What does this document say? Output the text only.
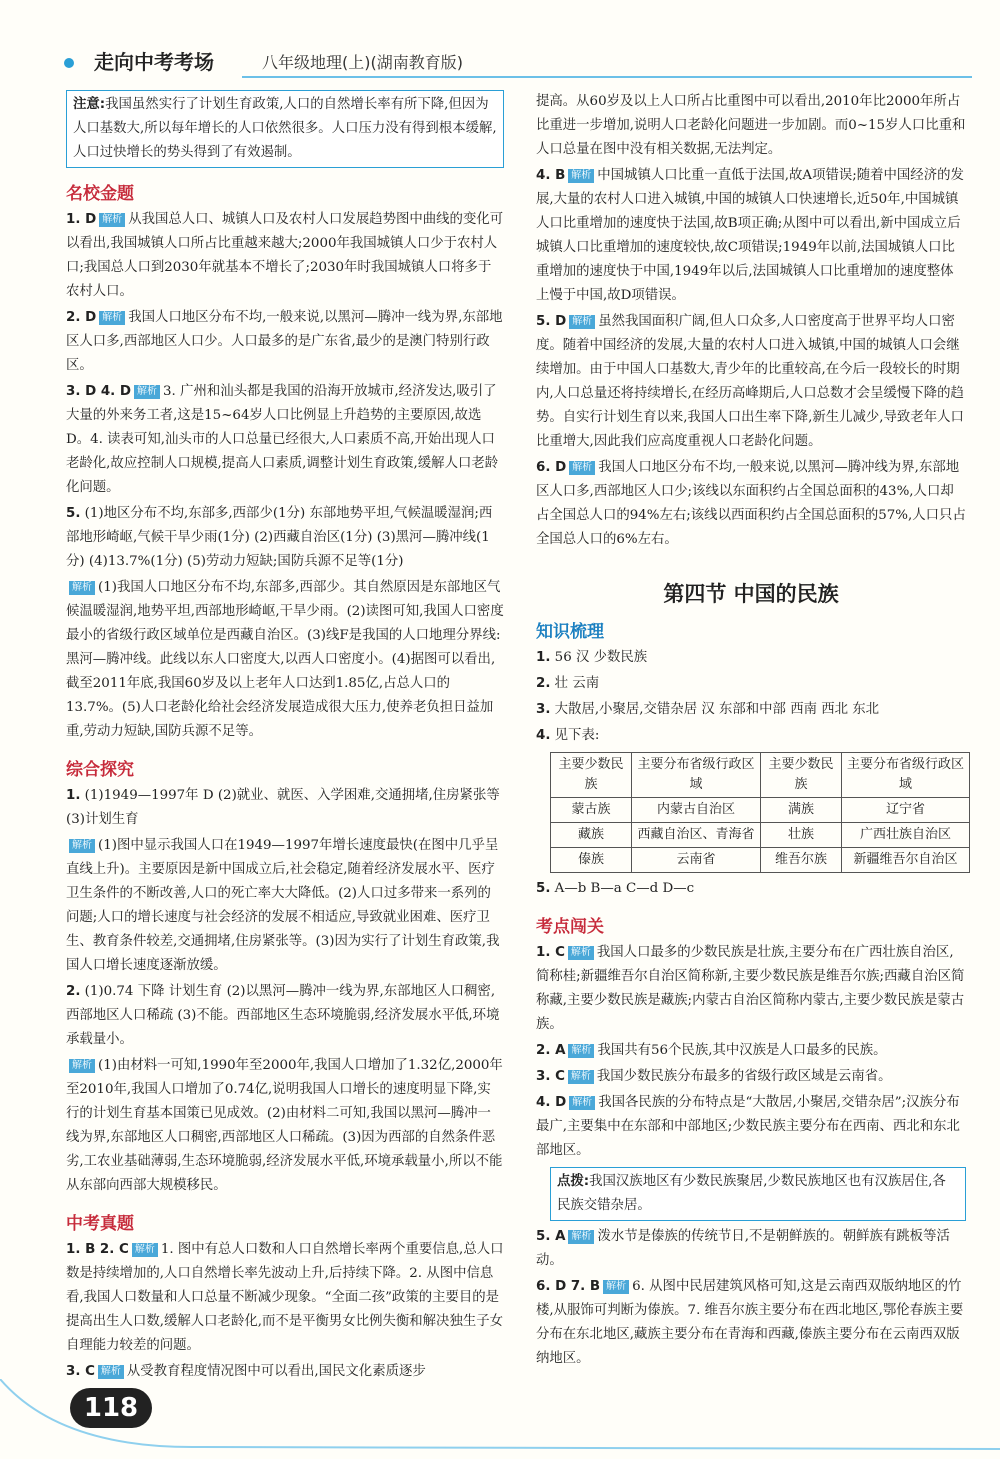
走向中考考场	八年级地理(上)(湖南教育版)
注意:我国虽然实行了计划生育政策,人口的自然增长率有所下降,但因为人口基数大,所以每年增长的人口依然很多。人口压力没有得到根本缓解,人口过快增长的势头得到了有效遏制。
名校金题
1. D 解析 从我国总人口、城镇人口及农村人口发展趋势图中曲线的变化可以看出,我国城镇人口所占比重越来越大;2000年我国城镇人口少于农村人口;我国总人口到2030年就基本不增长了;2030年时我国城镇人口将多于农村人口。
2. D 解析 我国人口地区分布不均,一般来说,以黑河—腾冲一线为界,东部地区人口多,西部地区人口少。人口最多的是广东省,最少的是澳门特别行政区。
3. D 4. D 解析 3. 广州和汕头都是我国的沿海开放城市,经济发达,吸引了大量的外来务工者,这是15~64岁人口比例显上升趋势的主要原因,故选D。4. 读表可知,汕头市的人口总量已经很大,人口素质不高,开始出现人口老龄化,故应控制人口规模,提高人口素质,调整计划生育政策,缓解人口老龄化问题。
5. (1)地区分布不均,东部多,西部少(1分) 东部地势平坦,气候温暖湿润;西部地形崎岖,气候干旱少雨(1分) (2)西藏自治区(1分) (3)黑河—腾冲线(1分) (4)13.7%(1分) (5)劳动力短缺;国防兵源不足等(1分)
解析 (1)我国人口地区分布不均,东部多,西部少。其自然原因是东部地区气候温暖湿润,地势平坦,西部地形崎岖,干旱少雨。(2)读图可知,我国人口密度最小的省级行政区域单位是西藏自治区。(3)线F是我国的人口地理分界线:黑河—腾冲线。此线以东人口密度大,以西人口密度小。(4)据图可以看出,截至2011年底,我国60岁及以上老年人口达到1.85亿,占总人口的13.7%。(5)人口老龄化给社会经济发展造成很大压力,使养老负担日益加重,劳动力短缺,国防兵源不足等。
综合探究
1. (1)1949—1997年 D (2)就业、就医、入学困难,交通拥堵,住房紧张等 (3)计划生育
解析 (1)图中显示我国人口在1949—1997年增长速度最快(在图中几乎呈直线上升)。主要原因是新中国成立后,社会稳定,随着经济发展水平、医疗卫生条件的不断改善,人口的死亡率大大降低。(2)人口过多带来一系列的问题;人口的增长速度与社会经济的发展不相适应,导致就业困难、医疗卫生、教育条件较差,交通拥堵,住房紧张等。(3)因为实行了计划生育政策,我国人口增长速度逐渐放缓。
2. (1)0.74 下降 计划生育 (2)以黑河—腾冲一线为界,东部地区人口稠密,西部地区人口稀疏 (3)不能。西部地区生态环境脆弱,经济发展水平低,环境承载量小。
解析 (1)由材料一可知,1990年至2000年,我国人口增加了1.32亿,2000年至2010年,我国人口增加了0.74亿,说明我国人口增长的速度明显下降,实行的计划生育基本国策已见成效。(2)由材料二可知,我国以黑河—腾冲一线为界,东部地区人口稠密,西部地区人口稀疏。(3)因为西部的自然条件恶劣,工农业基础薄弱,生态环境脆弱,经济发展水平低,环境承载量小,所以不能从东部向西部大规模移民。
中考真题
1. B 2. C 解析 1. 图中有总人口数和人口自然增长率两个重要信息,总人口数是持续增加的,人口自然增长率先波动上升,后持续下降。2. 从图中信息看,我国人口数量和人口总量不断减少现象。“全面二孩”政策的主要目的是提高出生人口数,缓解人口老龄化,而不是平衡男女比例失衡和解决独生子女自理能力较差的问题。
3. C 解析 从受教育程度情况图中可以看出,国民文化素质逐步
提高。从60岁及以上人口所占比重图中可以看出,2010年比2000年所占比重进一步增加,说明人口老龄化问题进一步加剧。而0~15岁人口比重和人口总量在图中没有相关数据,无法判定。
4. B 解析 中国城镇人口比重一直低于法国,故A项错误;随着中国经济的发展,大量的农村人口进入城镇,中国的城镇人口快速增长,近50年,中国城镇人口比重增加的速度快于法国,故B项正确;从图中可以看出,新中国成立后城镇人口比重增加的速度较快,故C项错误;1949年以前,法国城镇人口比重增加的速度快于中国,1949年以后,法国城镇人口比重增加的速度整体上慢于中国,故D项错误。
5. D 解析 虽然我国面积广阔,但人口众多,人口密度高于世界平均人口密度。随着中国经济的发展,大量的农村人口进入城镇,中国的城镇人口会继续增加。由于中国人口基数大,青少年的比重较高,在今后一段较长的时期内,人口总量还将持续增长,在经历高峰期后,人口总数才会呈缓慢下降的趋势。自实行计划生育以来,我国人口出生率下降,新生儿减少,导致老年人口比重增大,因此我们应高度重视人口老龄化问题。
6. D 解析 我国人口地区分布不均,一般来说,以黑河—腾冲线为界,东部地区人口多,西部地区人口少;该线以东面积约占全国总面积的43%,人口却占全国总人口的94%左右;该线以西面积约占全国总面积的57%,人口只占全国总人口的6%左右。
第四节 中国的民族
知识梳理
1. 56 汉 少数民族
2. 壮 云南
3. 大散居,小聚居,交错杂居 汉 东部和中部 西南 西北 东北
4. 见下表:
主要少数民族	主要分布省级行政区域	主要少数民族	主要分布省级行政区域
蒙古族	内蒙古自治区	满族	辽宁省
藏族	西藏自治区、青海省	壮族	广西壮族自治区
傣族	云南省	维吾尔族	新疆维吾尔自治区
5. A—b B—a C—d D—c
考点闯关
1. C 解析 我国人口最多的少数民族是壮族,主要分布在广西壮族自治区,简称桂;新疆维吾尔自治区简称新,主要少数民族是维吾尔族;西藏自治区简称藏,主要少数民族是藏族;内蒙古自治区简称内蒙古,主要少数民族是蒙古族。
2. A 解析 我国共有56个民族,其中汉族是人口最多的民族。
3. C 解析 我国少数民族分布最多的省级行政区域是云南省。
4. D 解析 我国各民族的分布特点是“大散居,小聚居,交错杂居”;汉族分布最广,主要集中在东部和中部地区;少数民族主要分布在西南、西北和东北部地区。
点拨:我国汉族地区有少数民族聚居,少数民族地区也有汉族居住,各民族交错杂居。
5. A 解析 泼水节是傣族的传统节日,不是朝鲜族的。朝鲜族有跳板等活动。
6. D 7. B 解析 6. 从图中民居建筑风格可知,这是云南西双版纳地区的竹楼,从服饰可判断为傣族。7. 维吾尔族主要分布在西北地区,鄂伦春族主要分布在东北地区,藏族主要分布在青海和西藏,傣族主要分布在云南西双版纳地区。
118
